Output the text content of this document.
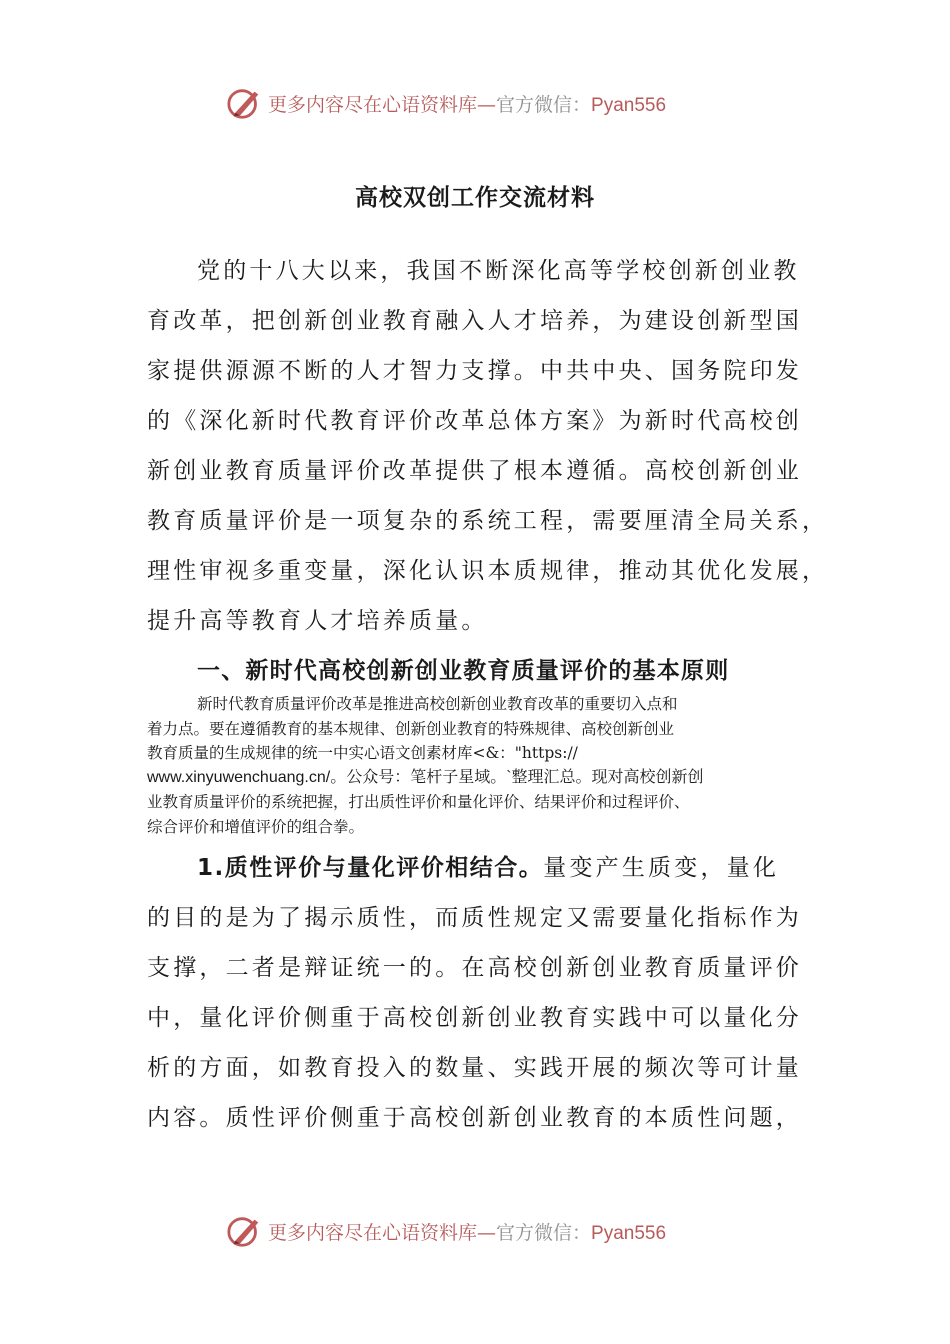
更多内容尽在心语资料库—官方微信：Pyan556
高校双创工作交流材料
党的十八大以来，我国不断深化高等学校创新创业教
育改革，把创新创业教育融入人才培养，为建设创新型国
家提供源源不断的人才智力支撑。中共中央、国务院印发
的《深化新时代教育评价改革总体方案》为新时代高校创
新创业教育质量评价改革提供了根本遵循。高校创新创业
教育质量评价是一项复杂的系统工程，需要厘清全局关系，
理性审视多重变量，深化认识本质规律，推动其优化发展，
提升高等教育人才培养质量。
一、新时代高校创新创业教育质量评价的基本原则
新时代教育质量评价改革是推进高校创新创业教育改革的重要切入点和
着力点。要在遵循教育的基本规律、创新创业教育的特殊规律、高校创新创业
教育质量的生成规律的统一中实心语文创素材库<&："https://
www.xinyuwenchuang.cn/。公众号：笔杆子星域。`整理汇总。现对高校创新创
业教育质量评价的系统把握，打出质性评价和量化评价、结果评价和过程评价、
综合评价和增值评价的组合拳。
1.质性评价与量化评价相结合。量变产生质变，量化
的目的是为了揭示质性，而质性规定又需要量化指标作为
支撑，二者是辩证统一的。在高校创新创业教育质量评价
中，量化评价侧重于高校创新创业教育实践中可以量化分
析的方面，如教育投入的数量、实践开展的频次等可计量
内容。质性评价侧重于高校创新创业教育的本质性问题，
更多内容尽在心语资料库—官方微信：Pyan556
